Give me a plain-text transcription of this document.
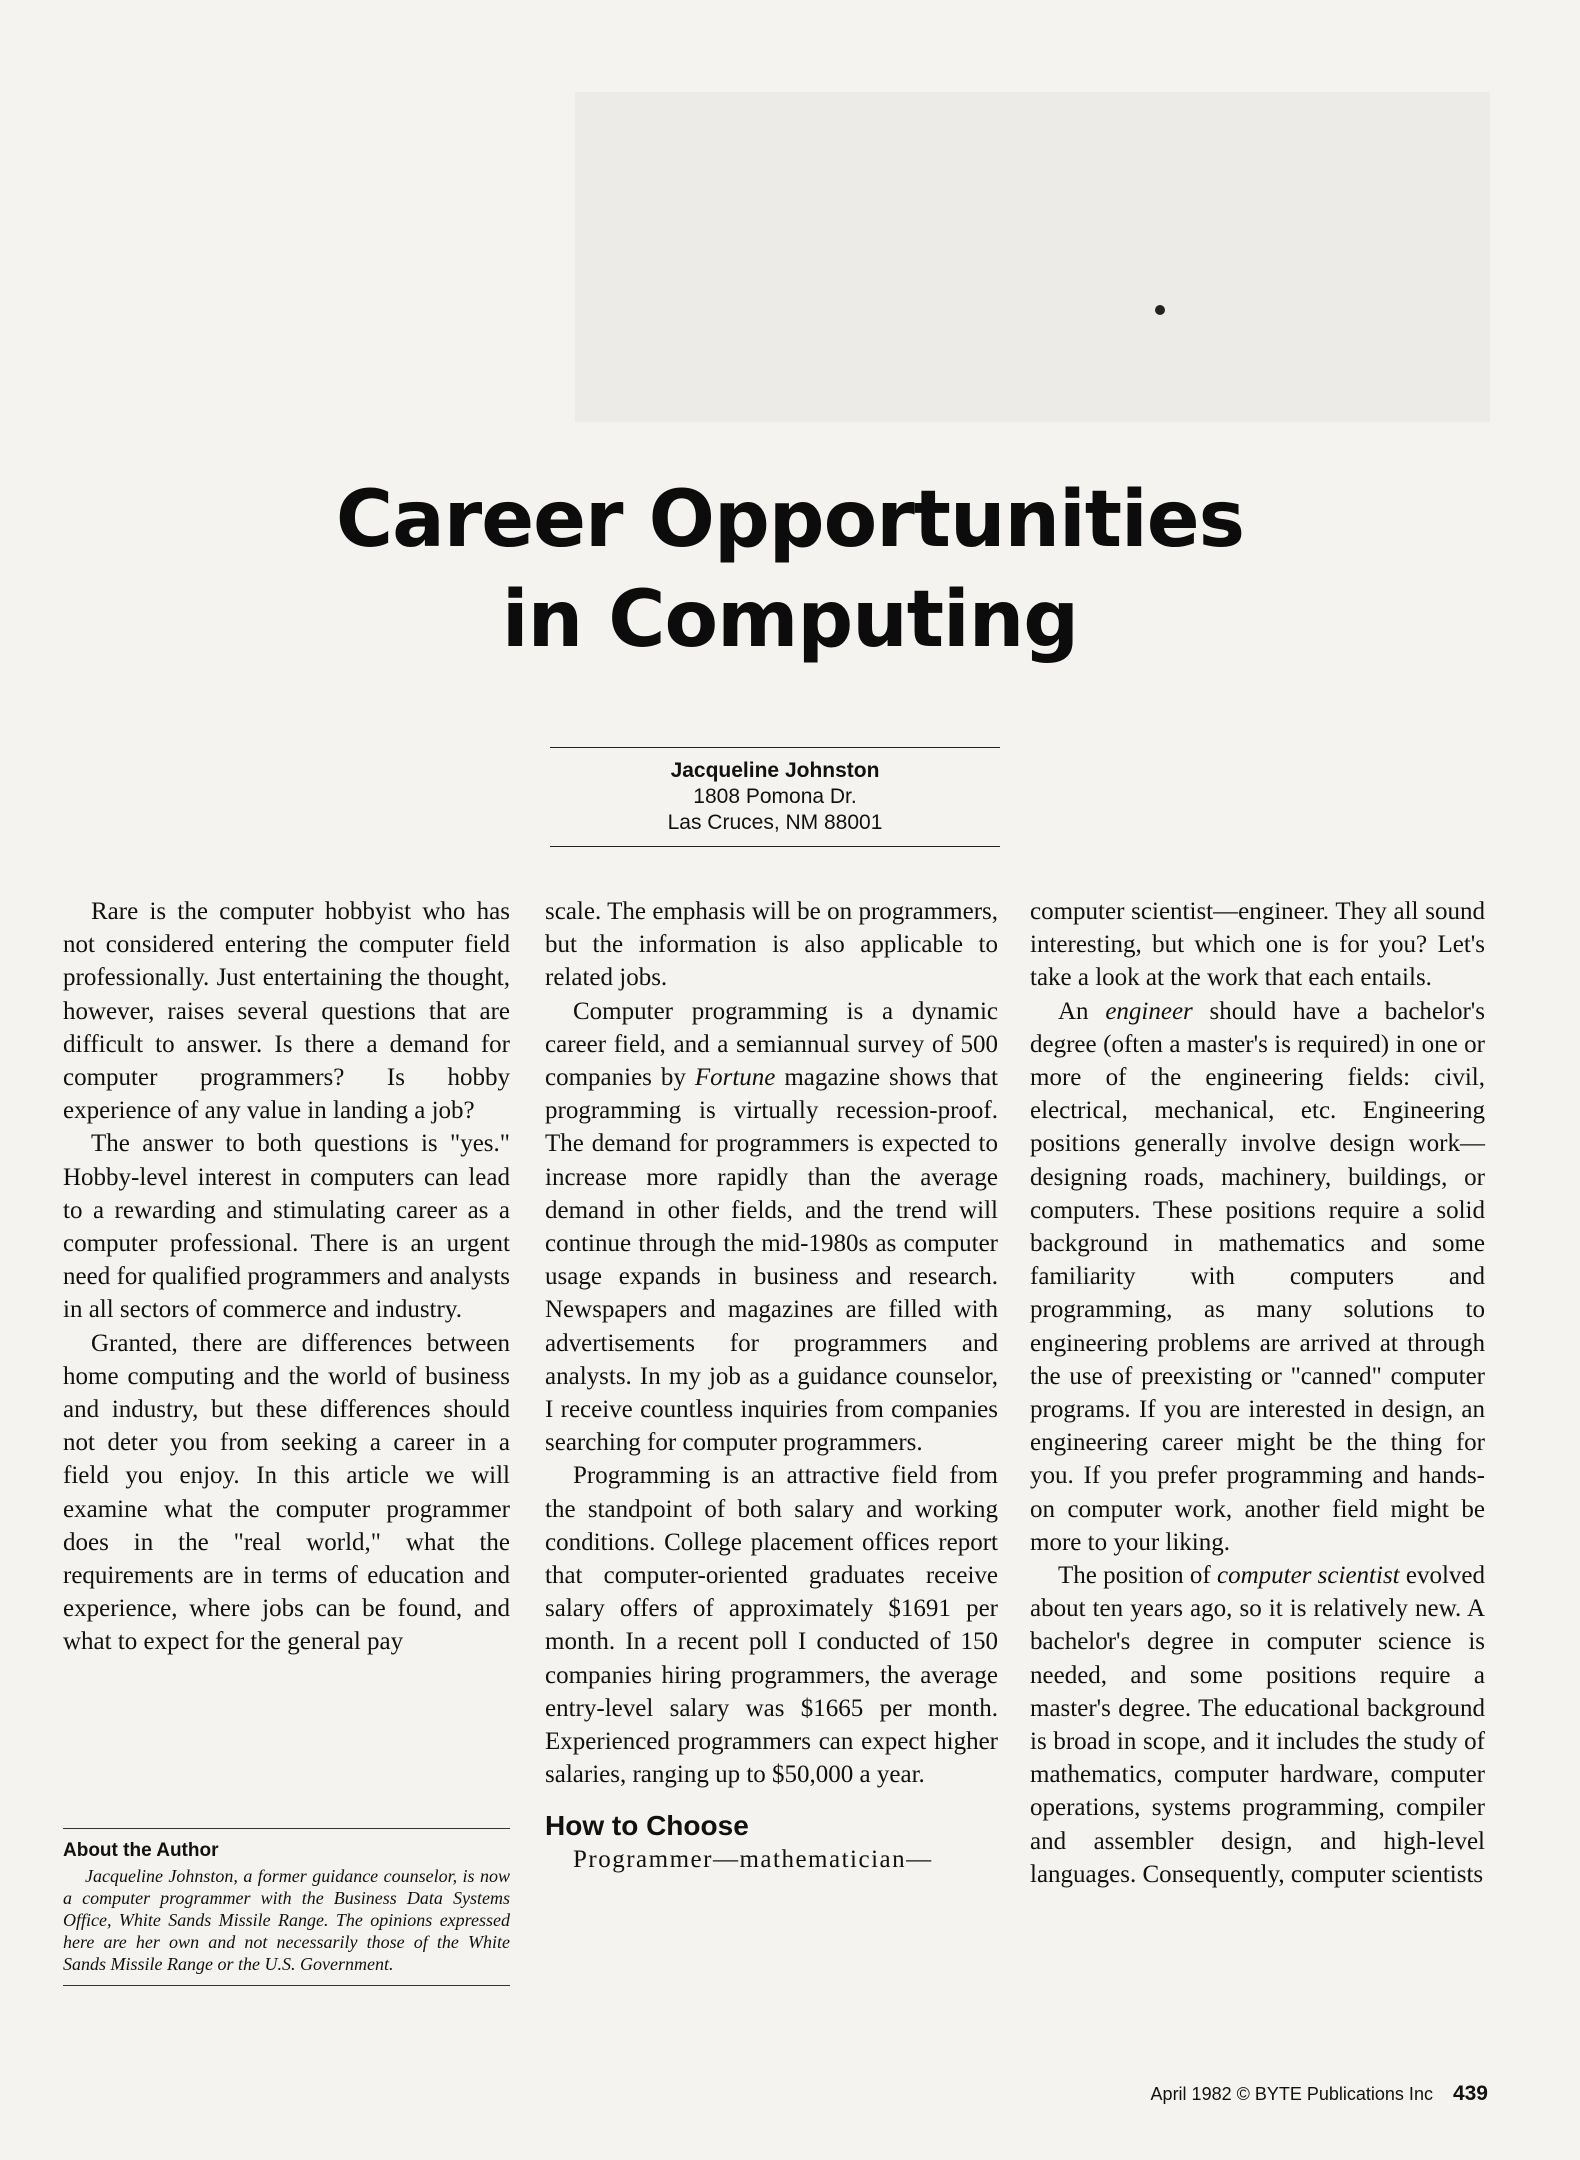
Career Opportunities
in Computing
Jacqueline Johnston
1808 Pomona Dr.
Las Cruces, NM 88001

Rare is the computer hobbyist who has not considered entering the computer field professionally. Just entertaining the thought, however, raises several questions that are difficult to answer. Is there a demand for computer programmers? Is hobby experience of any value in landing a job?

The answer to both questions is "yes." Hobby-level interest in computers can lead to a rewarding and stimulating career as a computer professional. There is an urgent need for qualified programmers and analysts in all sectors of commerce and industry.

Granted, there are differences between home computing and the world of business and industry, but these differences should not deter you from seeking a career in a field you enjoy. In this article we will examine what the computer programmer does in the "real world," what the requirements are in terms of education and experience, where jobs can be found, and what to expect for the general pay

About the Author
Jacqueline Johnston, a former guidance counselor, is now a computer programmer with the Business Data Systems Office, White Sands Missile Range. The opinions expressed here are her own and not necessarily those of the White Sands Missile Range or the U.S. Government.

scale. The emphasis will be on programmers, but the information is also applicable to related jobs.

Computer programming is a dynamic career field, and a semiannual survey of 500 companies by Fortune magazine shows that programming is virtually recession-proof. The demand for programmers is expected to increase more rapidly than the average demand in other fields, and the trend will continue through the mid-1980s as computer usage expands in business and research. Newspapers and magazines are filled with advertisements for programmers and analysts. In my job as a guidance counselor, I receive countless inquiries from companies searching for computer programmers.

Programming is an attractive field from the standpoint of both salary and working conditions. College placement offices report that computer-oriented graduates receive salary offers of approximately $1691 per month. In a recent poll I conducted of 150 companies hiring programmers, the average entry-level salary was $1665 per month. Experienced programmers can expect higher salaries, ranging up to $50,000 a year.

How to Choose

Programmer—mathematician—

computer scientist—engineer. They all sound interesting, but which one is for you? Let's take a look at the work that each entails.

An engineer should have a bachelor's degree (often a master's is required) in one or more of the engineering fields: civil, electrical, mechanical, etc. Engineering positions generally involve design work—designing roads, machinery, buildings, or computers. These positions require a solid background in mathematics and some familiarity with computers and programming, as many solutions to engineering problems are arrived at through the use of preexisting or "canned" computer programs. If you are interested in design, an engineering career might be the thing for you. If you prefer programming and hands-on computer work, another field might be more to your liking.

The position of computer scientist evolved about ten years ago, so it is relatively new. A bachelor's degree in computer science is needed, and some positions require a master's degree. The educational background is broad in scope, and it includes the study of mathematics, computer hardware, computer operations, systems programming, compiler and assembler design, and high-level languages. Consequently, computer scientists

April 1982 © BYTE Publications Inc 439
